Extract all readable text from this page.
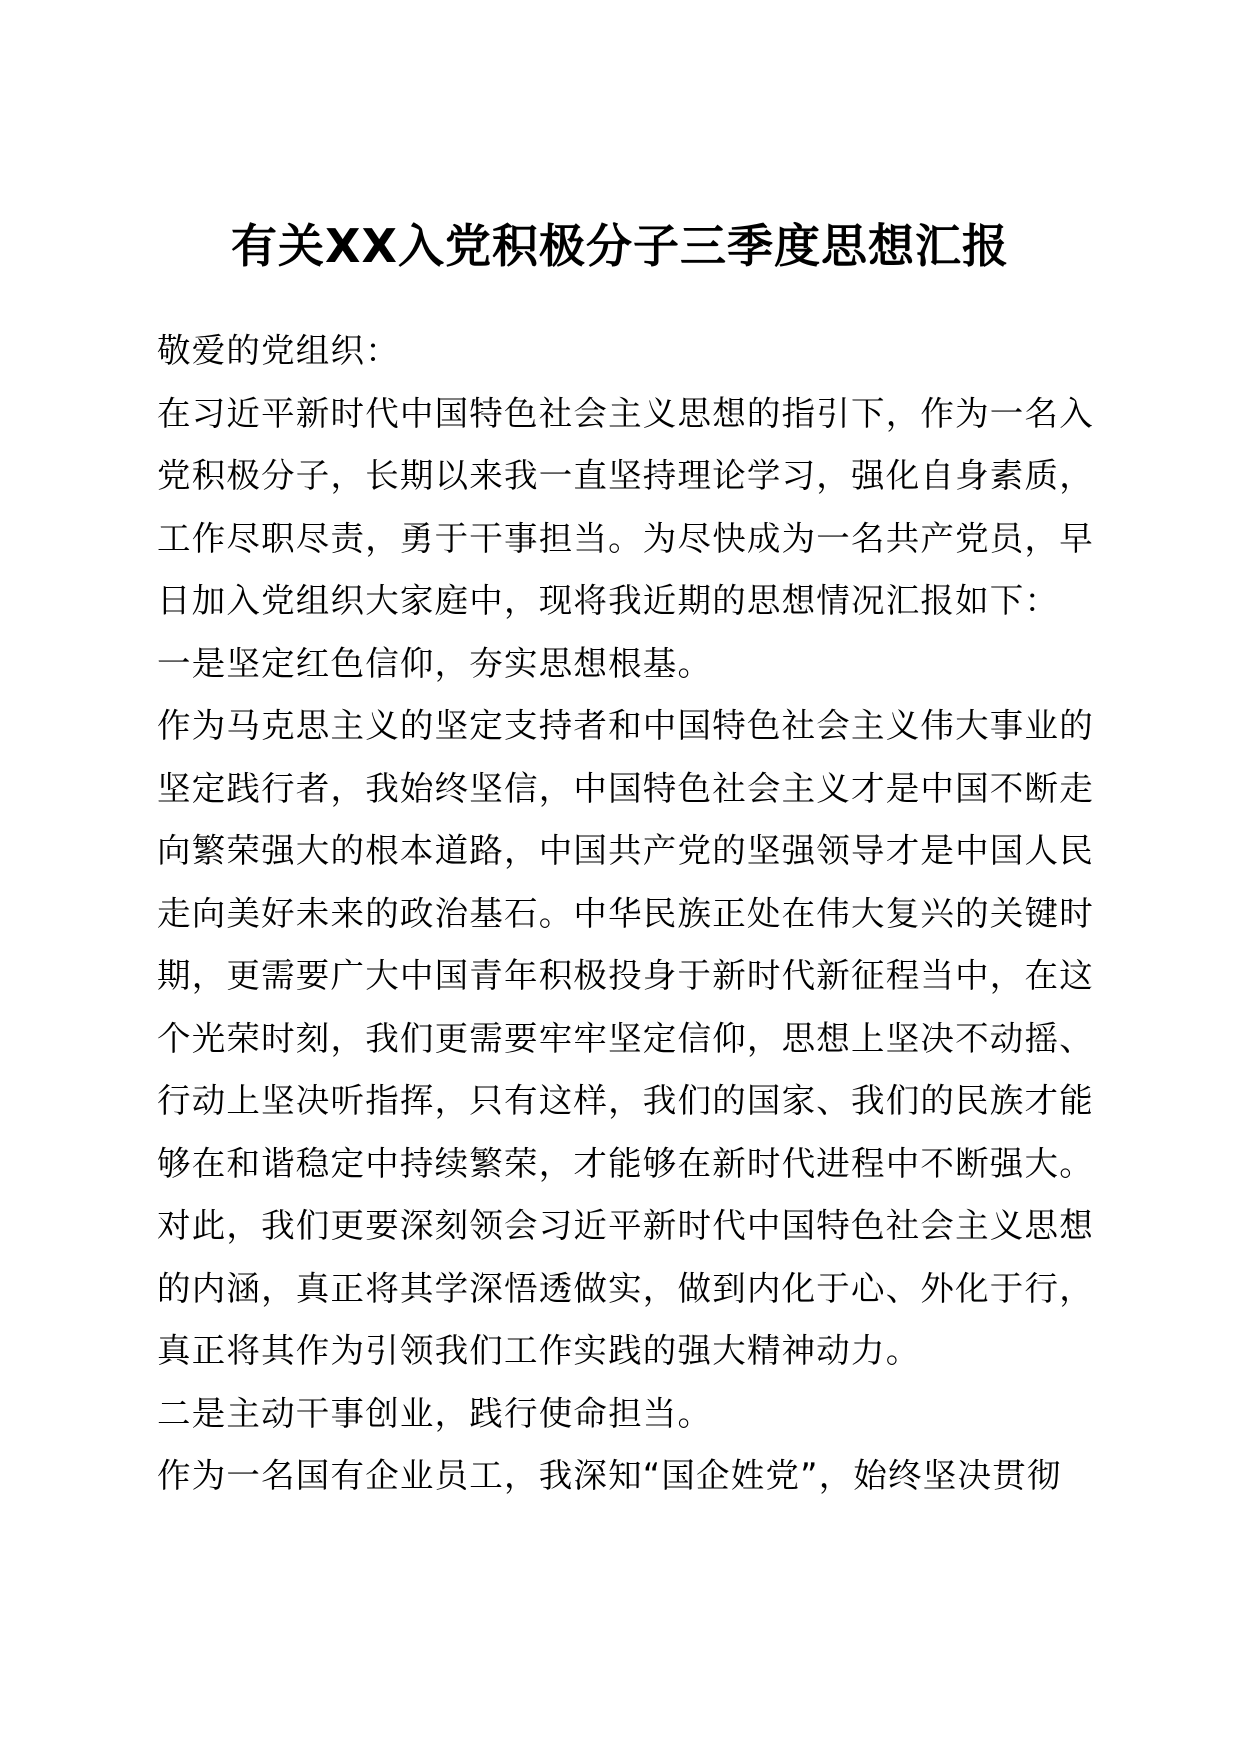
有关XX入党积极分子三季度思想汇报
敬爱的党组织：
在习近平新时代中国特色社会主义思想的指引下，作为一名入
党积极分子，长期以来我一直坚持理论学习，强化自身素质，
工作尽职尽责，勇于干事担当。为尽快成为一名共产党员，早
日加入党组织大家庭中，现将我近期的思想情况汇报如下：
一是坚定红色信仰，夯实思想根基。
作为马克思主义的坚定支持者和中国特色社会主义伟大事业的
坚定践行者，我始终坚信，中国特色社会主义才是中国不断走
向繁荣强大的根本道路，中国共产党的坚强领导才是中国人民
走向美好未来的政治基石。中华民族正处在伟大复兴的关键时
期，更需要广大中国青年积极投身于新时代新征程当中，在这
个光荣时刻，我们更需要牢牢坚定信仰，思想上坚决不动摇、
行动上坚决听指挥，只有这样，我们的国家、我们的民族才能
够在和谐稳定中持续繁荣，才能够在新时代进程中不断强大。
对此，我们更要深刻领会习近平新时代中国特色社会主义思想
的内涵，真正将其学深悟透做实，做到内化于心、外化于行，
真正将其作为引领我们工作实践的强大精神动力。
二是主动干事创业，践行使命担当。
作为一名国有企业员工，我深知“国企姓党”，始终坚决贯彻
